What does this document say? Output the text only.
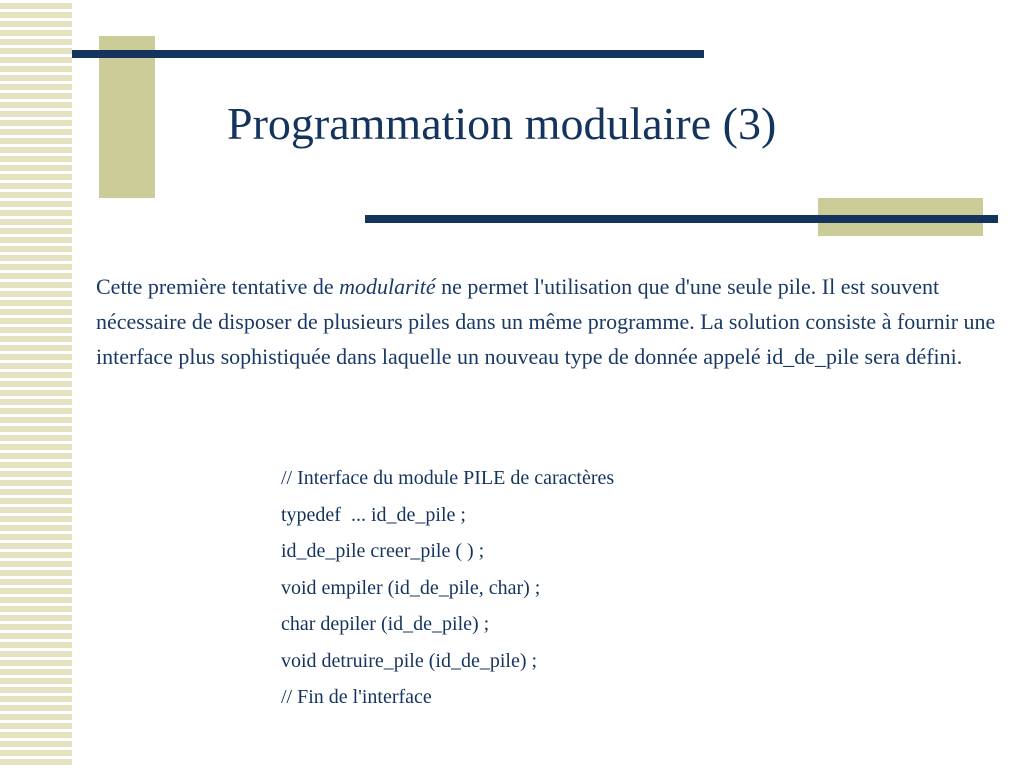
Programmation modulaire (3)

Cette première tentative de modularité ne permet l'utilisation que d'une seule pile. Il est souvent nécessaire de disposer de plusieurs piles dans un même programme. La solution consiste à fournir une interface plus sophistiquée dans laquelle un nouveau type de donnée appelé id_de_pile sera défini.

// Interface du module PILE de caractères
typedef  ... id_de_pile ;
id_de_pile creer_pile ( ) ;
void empiler (id_de_pile, char) ;
char depiler (id_de_pile) ;
void detruire_pile (id_de_pile) ;
// Fin de l'interface
